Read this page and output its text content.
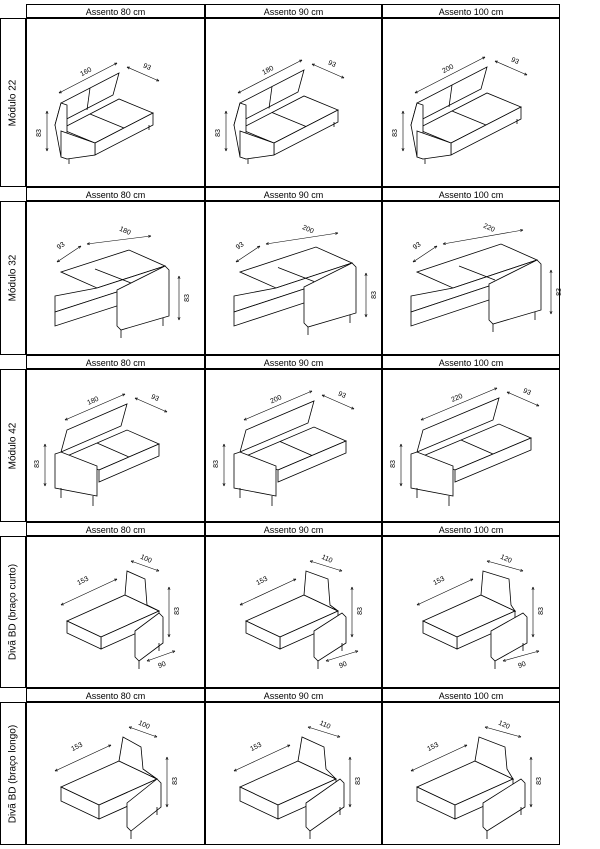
Módulo 22
Assento 80 cm
160	93
83
Assento 90 cm
180
93
83
Assento 100 cm
200
93
83
Módulo 32
Assento 80 cm
93
180
83
Assento 90 cm
93
200
83
Assento 100 cm
93
220
83
Módulo 42
Assento 80 cm
180	93
83
Assento 90 cm
200	93
83
Assento 100 cm
220
93
83
Divã BD (braço curto)
Assento 80 cm
153
100
83
90
Assento 90 cm
153
110
83
90
Assento 100 cm
153
120
83
90
Divã BD (braço longo)
Assento 80 cm
153
100
83
Assento 90 cm
153
110
83
Assento 100 cm
153
120
83
